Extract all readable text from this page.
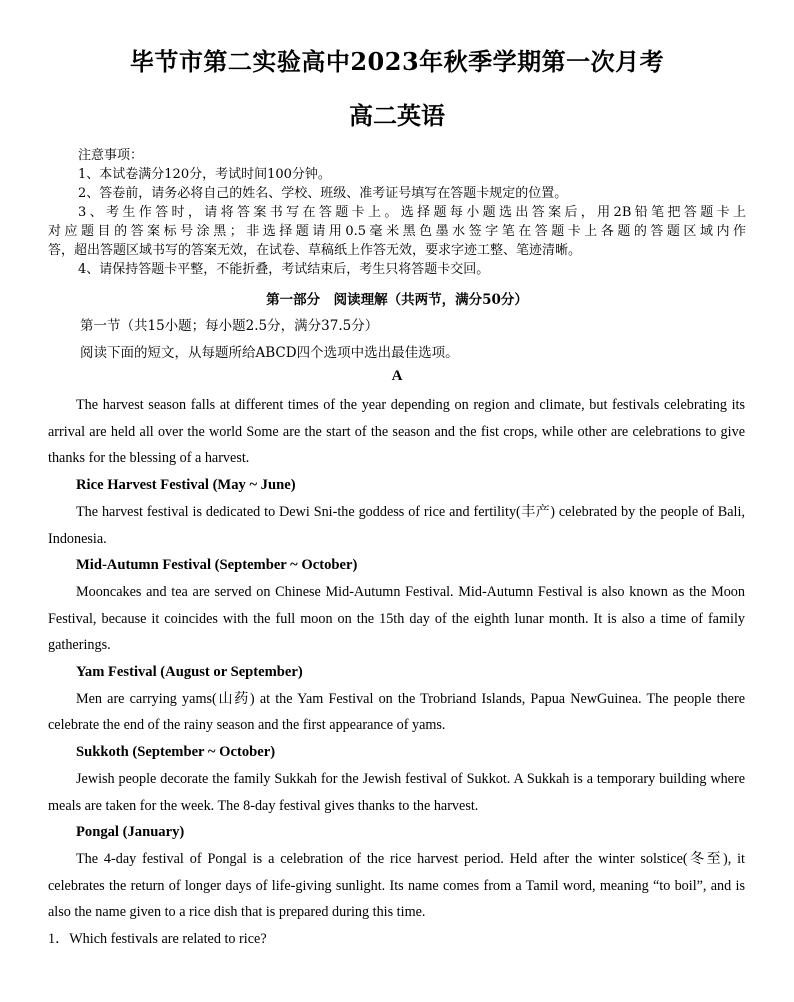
毕节市第二实验高中2023年秋季学期第一次月考
高二英语
注意事项：
1、本试卷满分120分，考试时间100分钟。
2、答卷前，请务必将自己的姓名、学校、班级、准考证号填写在答题卡规定的位置。
3、考生作答时，请将答案书写在答题卡上。选择题每小题选出答案后，用2B铅笔把答题卡上
对应题目的答案标号涂黑；非选择题请用0.5毫米黑色墨水签字笔在答题卡上各题的答题区域内作
答，超出答题区域书写的答案无效，在试卷、草稿纸上作答无效，要求字迹工整、笔迹清晰。
4、请保持答题卡平整，不能折叠，考试结束后，考生只将答题卡交回。
第一部分　阅读理解（共两节，满分50分）
第一节（共15小题；每小题2.5分，满分37.5分）
阅读下面的短文，从每题所给ABCD四个选项中选出最佳选项。
A

The harvest season falls at different times of the year depending on region and climate, but festivals celebrating its arrival are held all over the world Some are the start of the season and the fist crops, while other are celebrations to give thanks for the blessing of a harvest.

Rice Harvest Festival (May ~ June)

The harvest festival is dedicated to Dewi Sni-the goddess of rice and fertility(丰产) celebrated by the people of Bali, Indonesia.

Mid-Autumn Festival (September ~ October)

Mooncakes and tea are served on Chinese Mid-Autumn Festival. Mid-Autumn Festival is also known as the Moon Festival, because it coincides with the full moon on the 15th day of the eighth lunar month. It is also a time of family gatherings.

Yam Festival (August or September)

Men are carrying yams(山药) at the Yam Festival on the Trobriand Islands, Papua NewGuinea. The people there celebrate the end of the rainy season and the first appearance of yams.

Sukkoth (September ~ October)

Jewish people decorate the family Sukkah for the Jewish festival of Sukkot. A Sukkah is a temporary building where meals are taken for the week. The 8-day festival gives thanks to the harvest.

Pongal (January)

The 4-day festival of Pongal is a celebration of the rice harvest period. Held after the winter solstice(冬至), it celebrates the return of longer days of life-giving sunlight. Its name comes from a Tamil word, meaning “to boil”, and is also the name given to a rice dish that is prepared during this time.

1．Which festivals are related to rice?
